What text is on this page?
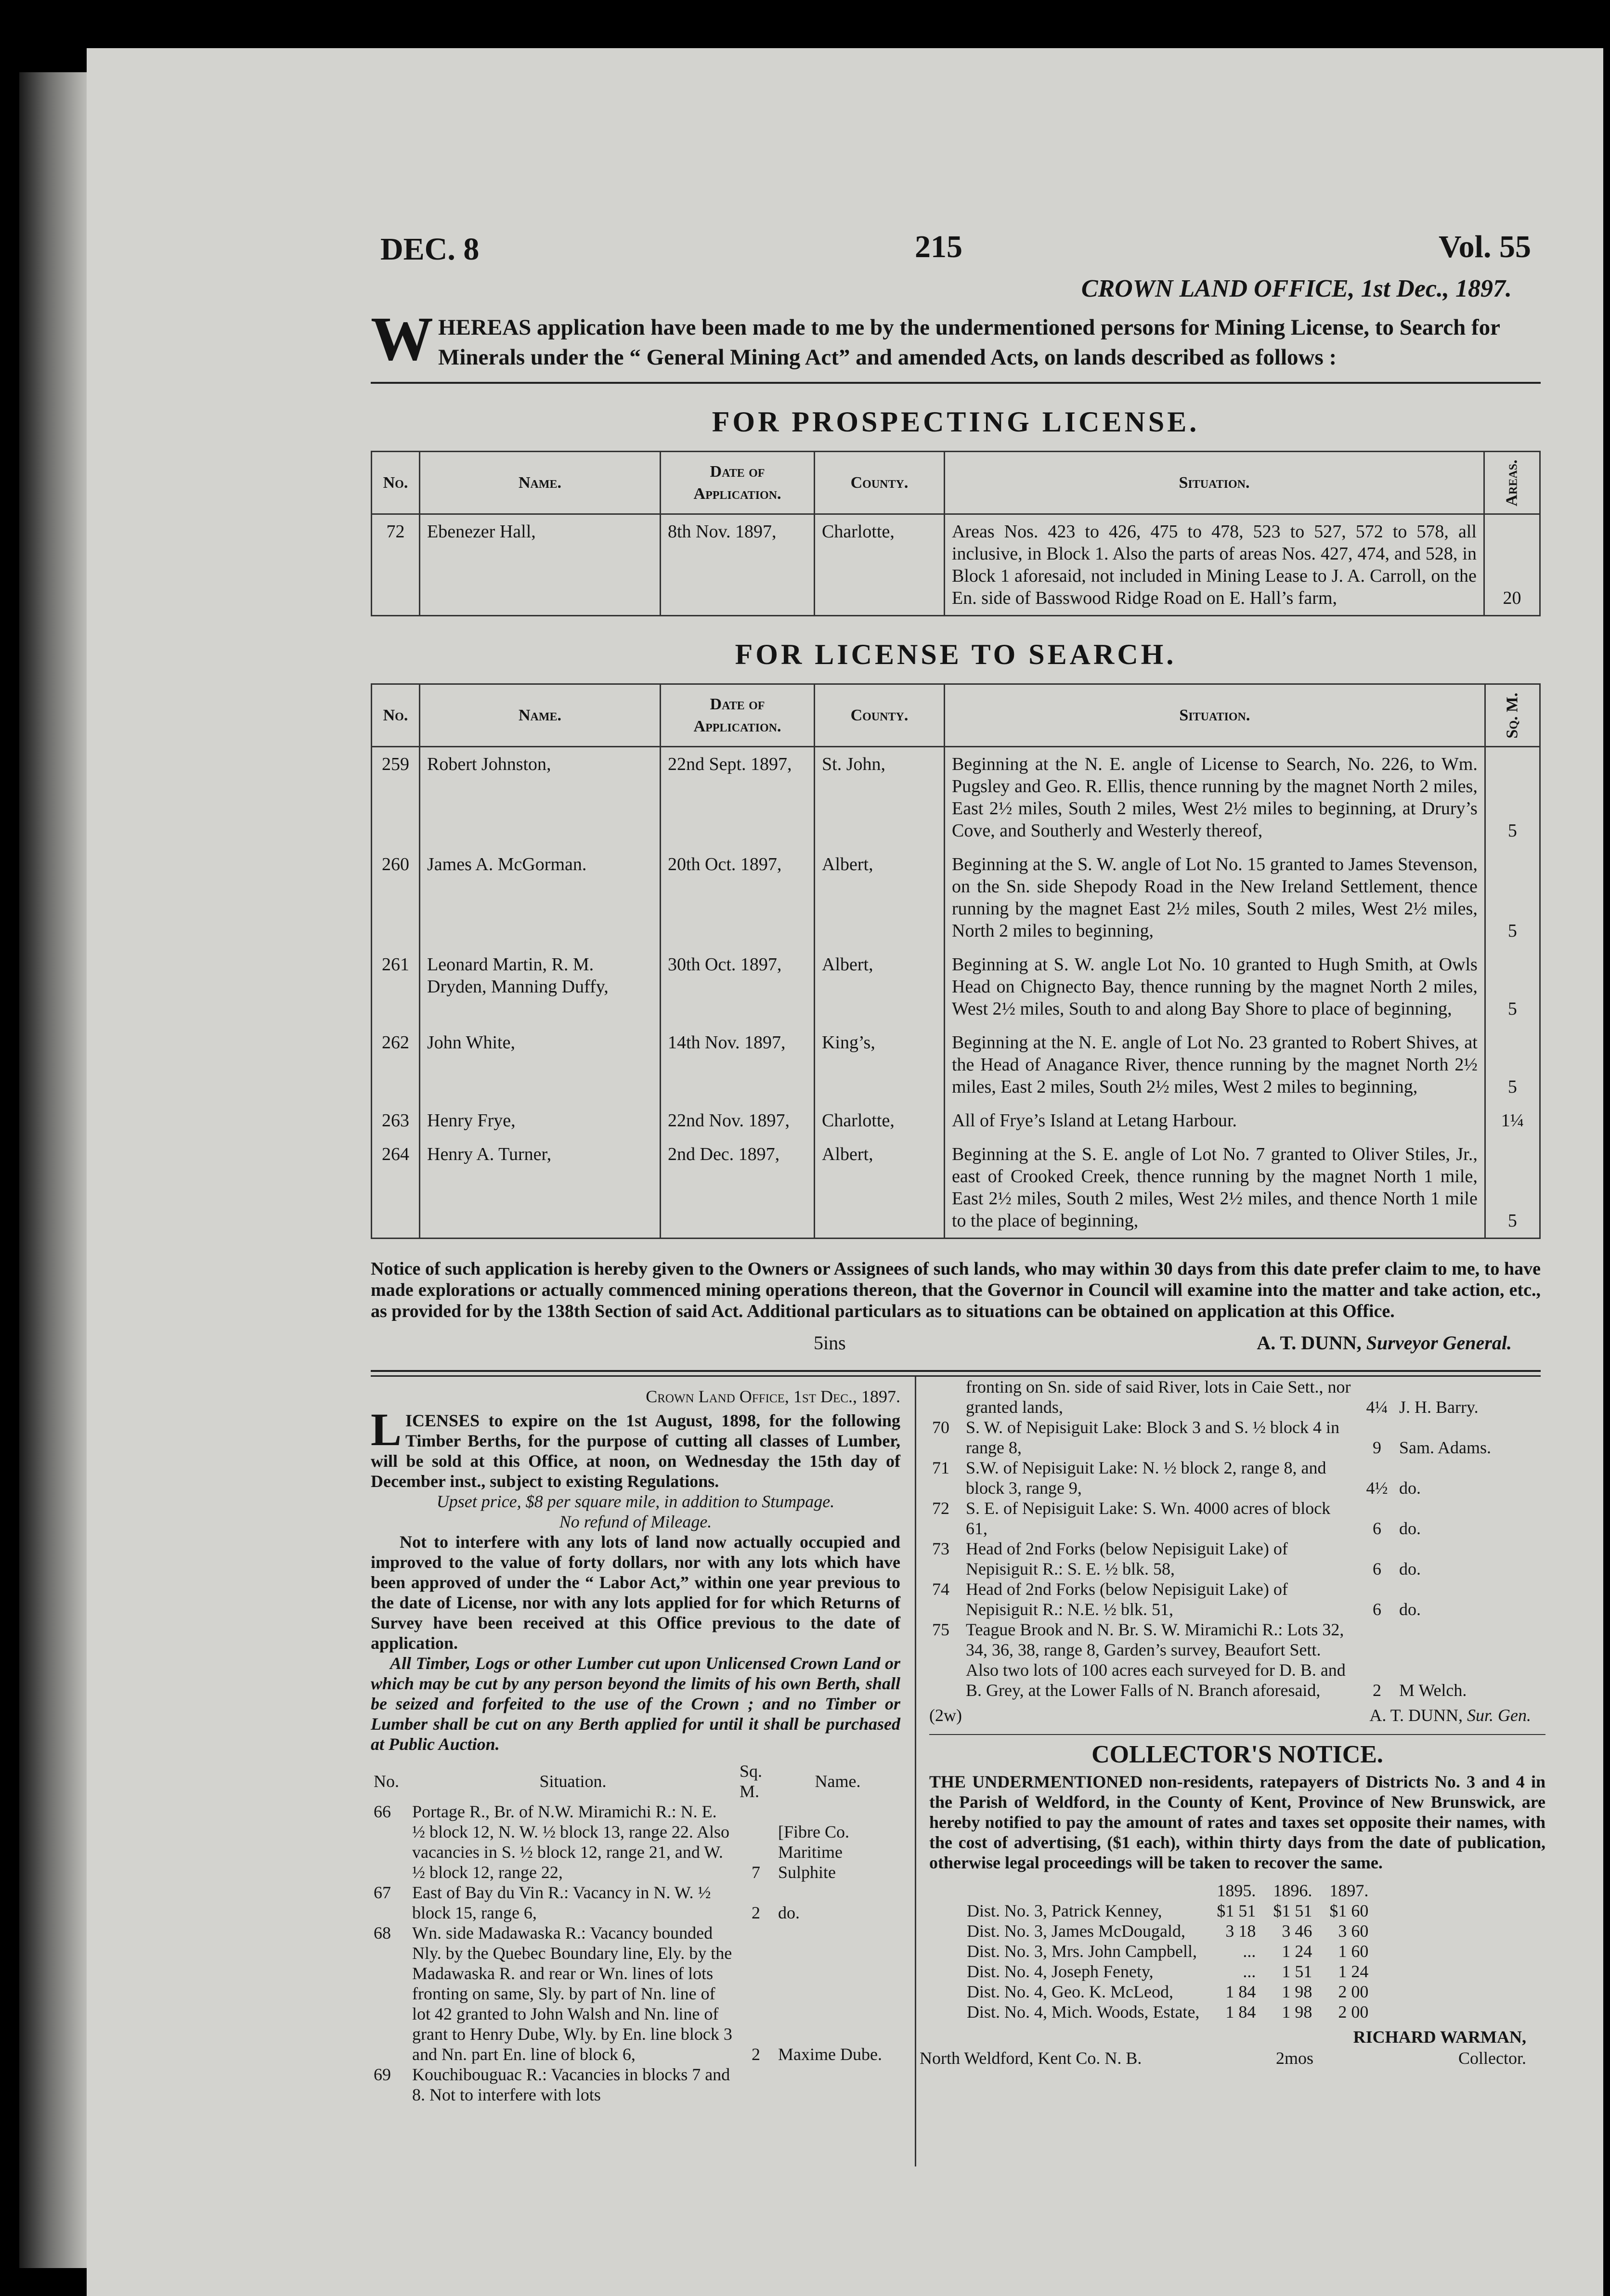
DEC. 8	215	Vol. 55
CROWN LAND OFFICE, 1st Dec., 1897.
W HEREAS application have been made to me by the undermentioned persons for Mining License, to Search for Minerals under the “ General Mining Act” and amended Acts, on lands described as follows :
FOR PROSPECTING LICENSE.
No.	Name.	Date of Application.	County.	Situation.	Areas.
72	Ebenezer Hall,	8th Nov. 1897,	Charlotte,	Areas Nos. 423 to 426, 475 to 478, 523 to 527, 572 to 578, all inclusive, in Block 1. Also the parts of areas Nos. 427, 474, and 528, in Block 1 aforesaid, not included in Mining Lease to J. A. Carroll, on the En. side of Basswood Ridge Road on E. Hall’s farm,	20
FOR LICENSE TO SEARCH.
No.	Name.	Date of Application.	County.	Situation.	Sq. M.
259	Robert Johnston,	22nd Sept. 1897,	St. John,	Beginning at the N. E. angle of License to Search, No. 226, to Wm. Pugsley and Geo. R. Ellis, thence running by the magnet North 2 miles, East 2½ miles, South 2 miles, West 2½ miles to beginning, at Drury’s Cove, and Southerly and Westerly thereof,	5
260	James A. McGorman.	20th Oct. 1897,	Albert,	Beginning at the S. W. angle of Lot No. 15 granted to James Stevenson, on the Sn. side Shepody Road in the New Ireland Settlement, thence running by the magnet East 2½ miles, South 2 miles, West 2½ miles, North 2 miles to beginning,	5
261	Leonard Martin, R. M. Dryden, Manning Duffy,	30th Oct. 1897,	Albert,	Beginning at S. W. angle Lot No. 10 granted to Hugh Smith, at Owls Head on Chignecto Bay, thence running by the magnet North 2 miles, West 2½ miles, South to and along Bay Shore to place of beginning,	5
262	John White,	14th Nov. 1897,	King’s,	Beginning at the N. E. angle of Lot No. 23 granted to Robert Shives, at the Head of Anagance River, thence running by the magnet North 2½ miles, East 2 miles, South 2½ miles, West 2 miles to beginning,	5
263	Henry Frye,	22nd Nov. 1897,	Charlotte,	All of Frye’s Island at Letang Harbour.	1¼
264	Henry A. Turner,	2nd Dec. 1897,	Albert,	Beginning at the S. E. angle of Lot No. 7 granted to Oliver Stiles, Jr., east of Crooked Creek, thence running by the magnet North 1 mile, East 2½ miles, South 2 miles, West 2½ miles, and thence North 1 mile to the place of beginning,	5
Notice of such application is hereby given to the Owners or Assignees of such lands, who may within 30 days from this date prefer claim to me, to have made explorations or actually commenced mining operations thereon, that the Governor in Council will examine into the matter and take action, etc., as provided for by the 138th Section of said Act. Additional particulars as to situations can be obtained on application at this Office.
5ins	A. T. DUNN, Surveyor General.
Crown Land Office, 1st Dec., 1897.
L ICENSES to expire on the 1st August, 1898, for the following Timber Berths, for the purpose of cutting all classes of Lumber, will be sold at this Office, at noon, on Wednesday the 15th day of December inst., subject to existing Regulations.
Upset price, $8 per square mile, in addition to Stumpage.
No refund of Mileage.
Not to interfere with any lots of land now actually occupied and improved to the value of forty dollars, nor with any lots which have been approved of under the “ Labor Act,” within one year previous to the date of License, nor with any lots applied for for which Returns of Survey have been received at this Office previous to the date of application.
All Timber, Logs or other Lumber cut upon Unlicensed Crown Land or which may be cut by any person beyond the limits of his own Berth, shall be seized and forfeited to the use of the Crown ; and no Timber or Lumber shall be cut on any Berth applied for until it shall be purchased at Public Auction.
No.	Situation.	Sq. M.	Name.
66	Portage R., Br. of N.W. Miramichi R.: N. E. ½ block 12, N. W. ½ block 13, range 22. Also vacancies in S. ½ block 12, range 21, and W. ½ block 12, range 22,	7	[Fibre Co. Maritime Sulphite
67	East of Bay du Vin R.: Vacancy in N. W. ½ block 15, range 6,	2	do.
68	Wn. side Madawaska R.: Vacancy bounded Nly. by the Quebec Boundary line, Ely. by the Madawaska R. and rear or Wn. lines of lots fronting on same, Sly. by part of Nn. line of lot 42 granted to John Walsh and Nn. line of grant to Henry Dube, Wly. by En. line block 3 and Nn. part En. line of block 6,	2	Maxime Dube.
69	Kouchibouguac R.: Vacancies in blocks 7 and 8. Not to interfere with lots		
	fronting on Sn. side of said River, lots in Caie Sett., nor granted lands,	4¼	J. H. Barry.
70	S. W. of Nepisiguit Lake: Block 3 and S. ½ block 4 in range 8,	9	Sam. Adams.
71	S.W. of Nepisiguit Lake: N. ½ block 2, range 8, and block 3, range 9,	4½	do.
72	S. E. of Nepisiguit Lake: S. Wn. 4000 acres of block 61,	6	do.
73	Head of 2nd Forks (below Nepisiguit Lake) of Nepisiguit R.: S. E. ½ blk. 58,	6	do.
74	Head of 2nd Forks (below Nepisiguit Lake) of Nepisiguit R.: N.E. ½ blk. 51,	6	do.
75	Teague Brook and N. Br. S. W. Miramichi R.: Lots 32, 34, 36, 38, range 8, Garden’s survey, Beaufort Sett. Also two lots of 100 acres each surveyed for D. B. and B. Grey, at the Lower Falls of N. Branch aforesaid,	2	M Welch.
(2w)	A. T. DUNN, Sur. Gen.
COLLECTOR'S NOTICE.
THE UNDERMENTIONED non-residents, ratepayers of Districts No. 3 and 4 in the Parish of Weldford, in the County of Kent, Province of New Brunswick, are hereby notified to pay the amount of rates and taxes set opposite their names, with the cost of advertising, ($1 each), within thirty days from the date of publication, otherwise legal proceedings will be taken to recover the same.
	1895.	1896.	1897.
Dist. No. 3, Patrick Kenney,	$1 51	$1 51	$1 60
Dist. No. 3, James McDougald,	3 18	3 46	3 60
Dist. No. 3, Mrs. John Campbell,	...	1 24	1 60
Dist. No. 4, Joseph Fenety,	...	1 51	1 24
Dist. No. 4, Geo. K. McLeod,	1 84	1 98	2 00
Dist. No. 4, Mich. Woods, Estate,	1 84	1 98	2 00
RICHARD WARMAN,
North Weldford, Kent Co. N. B.	2mos	Collector.
